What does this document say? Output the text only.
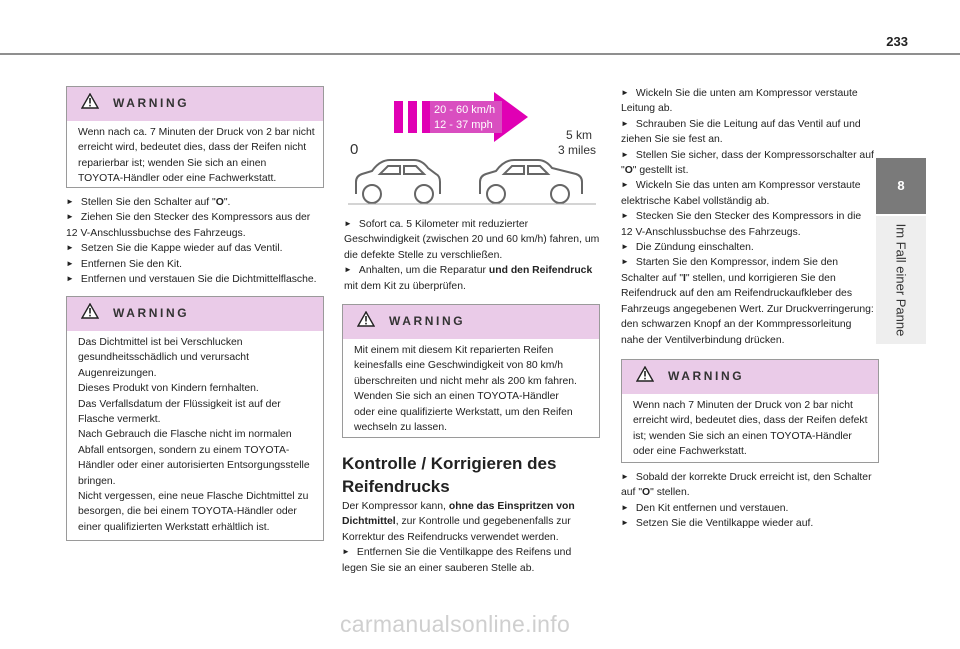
233
8
Im Fall einer Panne
WARNING
Wenn nach ca. 7 Minuten der Druck von 2 bar nicht
erreicht wird, bedeutet dies, dass der Reifen nicht
reparierbar ist; wenden Sie sich an einen
TOYOTA-Händler oder eine Fachwerkstatt.
► Stellen Sie den Schalter auf "O".
► Ziehen Sie den Stecker des Kompressors aus der
12 V-Anschlussbuchse des Fahrzeugs.
► Setzen Sie die Kappe wieder auf das Ventil.
► Entfernen Sie den Kit.
► Entfernen und verstauen Sie die Dichtmittelflasche.
WARNING
Das Dichtmittel ist bei Verschlucken
gesundheitsschädlich und verursacht
Augenreizungen.
Dieses Produkt von Kindern fernhalten.
Das Verfallsdatum der Flüssigkeit ist auf der
Flasche vermerkt.
Nach Gebrauch die Flasche nicht im normalen
Abfall entsorgen, sondern zu einem TOYOTA-
Händler oder einer autorisierten Entsorgungsstelle
bringen.
Nicht vergessen, eine neue Flasche Dichtmittel zu
besorgen, die bei einem TOYOTA-Händler oder
einer qualifizierten Werkstatt erhältlich ist.
20 - 60 km/h
12 - 37 mph
5 km
3 miles
0
► Sofort ca. 5 Kilometer mit reduzierter
Geschwindigkeit (zwischen 20 und 60 km/h) fahren, um
die defekte Stelle zu verschließen.
► Anhalten, um die Reparatur und den Reifendruck
mit dem Kit zu überprüfen.
WARNING
Mit einem mit diesem Kit reparierten Reifen
keinesfalls eine Geschwindigkeit von 80 km/h
überschreiten und nicht mehr als 200 km fahren.
Wenden Sie sich an einen TOYOTA-Händler
oder eine qualifizierte Werkstatt, um den Reifen
wechseln zu lassen.
Kontrolle / Korrigieren des
Reifendrucks
Der Kompressor kann, ohne das Einspritzen von
Dichtmittel, zur Kontrolle und gegebenenfalls zur
Korrektur des Reifendrucks verwendet werden.
► Entfernen Sie die Ventilkappe des Reifens und
legen Sie sie an einer sauberen Stelle ab.
► Wickeln Sie die unten am Kompressor verstaute
Leitung ab.
► Schrauben Sie die Leitung auf das Ventil auf und
ziehen Sie sie fest an.
► Stellen Sie sicher, dass der Kompressorschalter auf
"O" gestellt ist.
► Wickeln Sie das unten am Kompressor verstaute
elektrische Kabel vollständig ab.
► Stecken Sie den Stecker des Kompressors in die
12 V-Anschlussbuchse des Fahrzeugs.
► Die Zündung einschalten.
► Starten Sie den Kompressor, indem Sie den
Schalter auf "I" stellen, und korrigieren Sie den
Reifendruck auf den am Reifendruckaufkleber des
Fahrzeugs angegebenen Wert. Zur Druckverringerung:
den schwarzen Knopf an der Kommpressorleitung
nahe der Ventilverbindung drücken.
WARNING
Wenn nach 7 Minuten der Druck von 2 bar nicht
erreicht wird, bedeutet dies, dass der Reifen defekt
ist; wenden Sie sich an einen TOYOTA-Händler
oder eine Fachwerkstatt.
► Sobald der korrekte Druck erreicht ist, den Schalter
auf "O" stellen.
► Den Kit entfernen und verstauen.
► Setzen Sie die Ventilkappe wieder auf.
carmanualsonline.info
